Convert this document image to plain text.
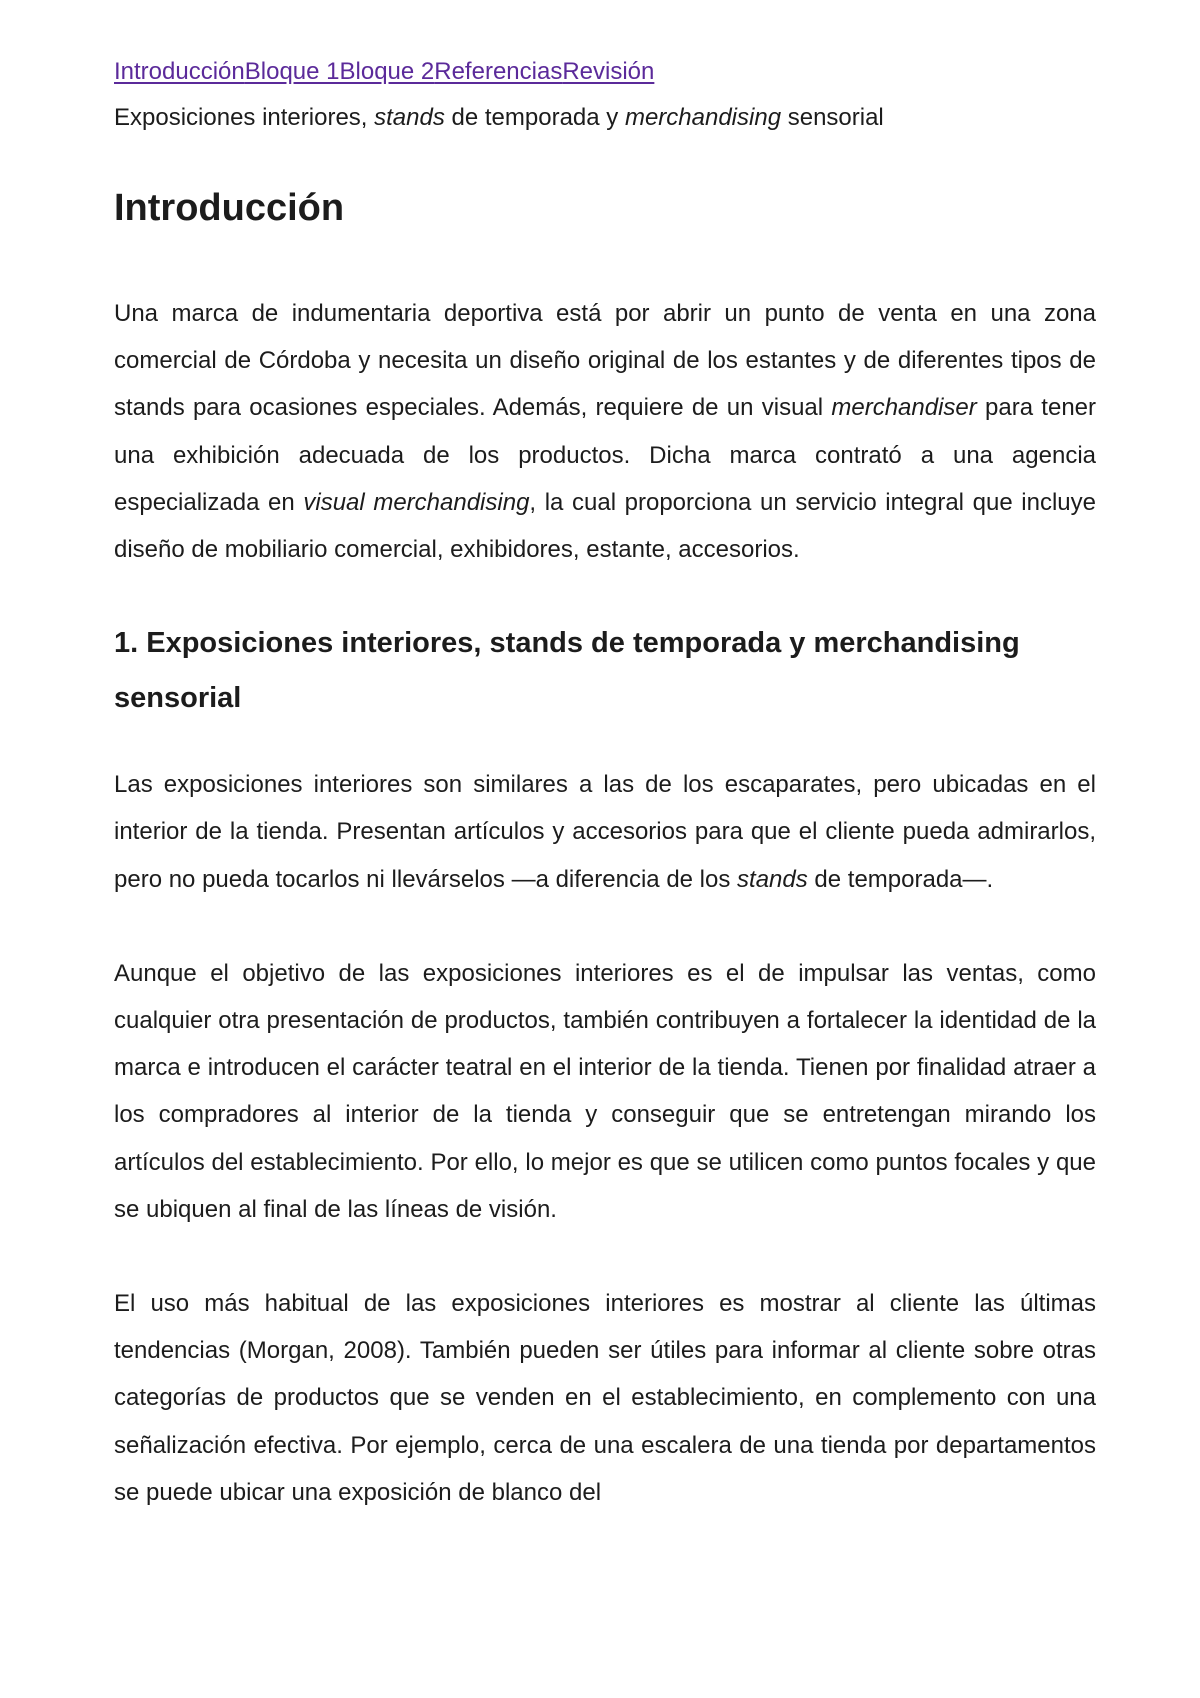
IntroducciónBloque 1Bloque 2ReferenciasRevisión

Exposiciones interiores, stands de temporada y merchandising sensorial

Introducción

Una marca de indumentaria deportiva está por abrir un punto de venta en una zona comercial de Córdoba y necesita un diseño original de los estantes y de diferentes tipos de stands para ocasiones especiales. Además, requiere de un visual merchandiser para tener una exhibición adecuada de los productos. Dicha marca contrató a una agencia especializada en visual merchandising, la cual proporciona un servicio integral que incluye diseño de mobiliario comercial, exhibidores, estante, accesorios.

1. Exposiciones interiores, stands de temporada y merchandising sensorial

Las exposiciones interiores son similares a las de los escaparates, pero ubicadas en el interior de la tienda. Presentan artículos y accesorios para que el cliente pueda admirarlos, pero no pueda tocarlos ni llevárselos —a diferencia de los stands de temporada—.

Aunque el objetivo de las exposiciones interiores es el de impulsar las ventas, como cualquier otra presentación de productos, también contribuyen a fortalecer la identidad de la marca e introducen el carácter teatral en el interior de la tienda. Tienen por finalidad atraer a los compradores al interior de la tienda y conseguir que se entretengan mirando los artículos del establecimiento. Por ello, lo mejor es que se utilicen como puntos focales y que se ubiquen al final de las líneas de visión.

El uso más habitual de las exposiciones interiores es mostrar al cliente las últimas tendencias (Morgan, 2008). También pueden ser útiles para informar al cliente sobre otras categorías de productos que se venden en el establecimiento, en complemento con una señalización efectiva. Por ejemplo, cerca de una escalera de una tienda por departamentos se puede ubicar una exposición de blanco del
